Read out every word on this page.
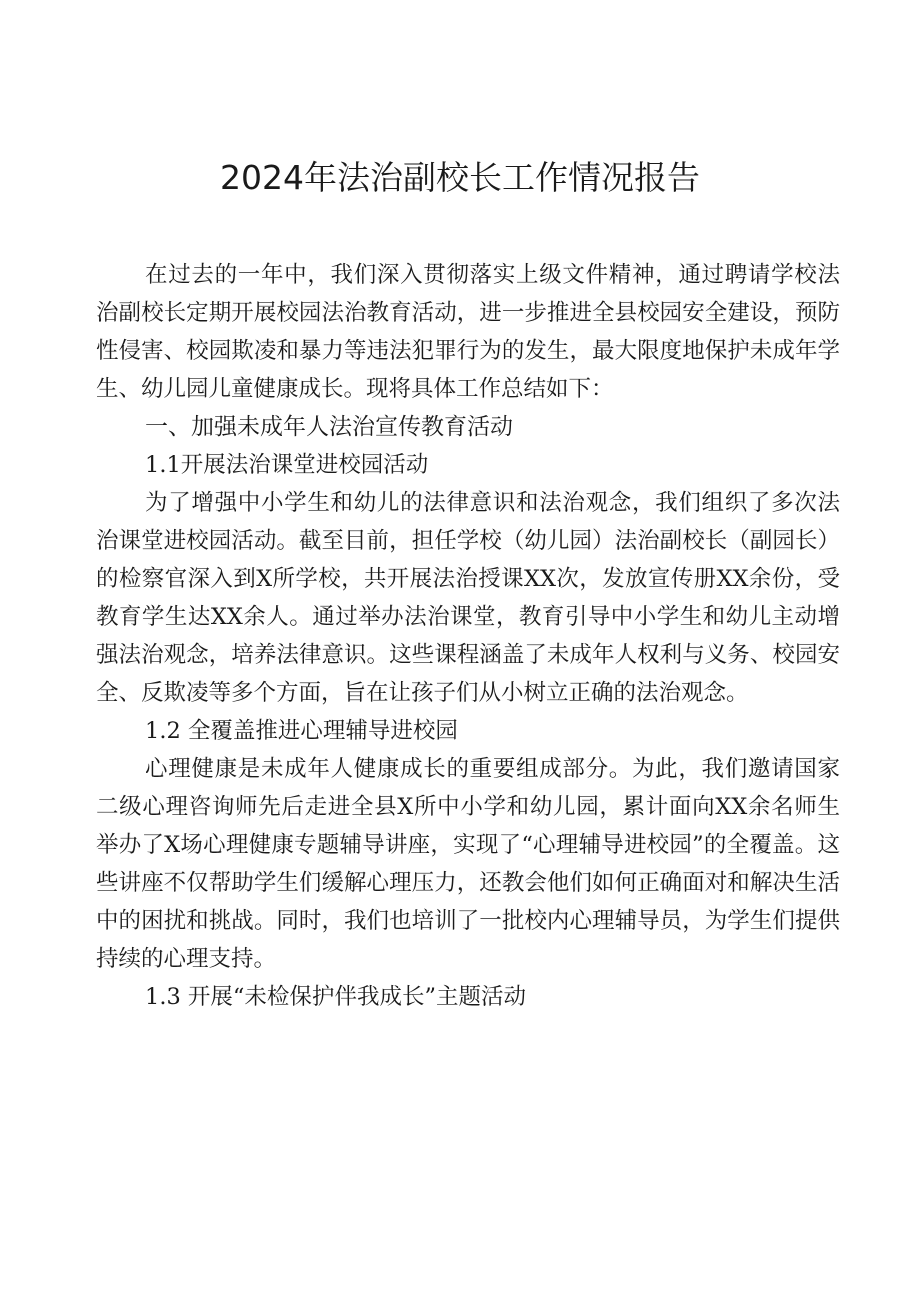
2024年法治副校长工作情况报告

在过去的一年中，我们深入贯彻落实上级文件精神，通过聘请学校法治副校长定期开展校园法治教育活动，进一步推进全县校园安全建设，预防性侵害、校园欺凌和暴力等违法犯罪行为的发生，最大限度地保护未成年学生、幼儿园儿童健康成长。现将具体工作总结如下：

一、加强未成年人法治宣传教育活动

1.1开展法治课堂进校园活动

为了增强中小学生和幼儿的法律意识和法治观念，我们组织了多次法治课堂进校园活动。截至目前，担任学校（幼儿园）法治副校长（副园长）的检察官深入到X所学校，共开展法治授课XX次，发放宣传册XX余份，受教育学生达XX余人。通过举办法治课堂，教育引导中小学生和幼儿主动增强法治观念，培养法律意识。这些课程涵盖了未成年人权利与义务、校园安全、反欺凌等多个方面，旨在让孩子们从小树立正确的法治观念。

1.2 全覆盖推进心理辅导进校园

心理健康是未成年人健康成长的重要组成部分。为此，我们邀请国家二级心理咨询师先后走进全县X所中小学和幼儿园，累计面向XX余名师生举办了X场心理健康专题辅导讲座，实现了“心理辅导进校园”的全覆盖。这些讲座不仅帮助学生们缓解心理压力，还教会他们如何正确面对和解决生活中的困扰和挑战。同时，我们也培训了一批校内心理辅导员，为学生们提供持续的心理支持。

1.3 开展“未检保护伴我成长”主题活动
